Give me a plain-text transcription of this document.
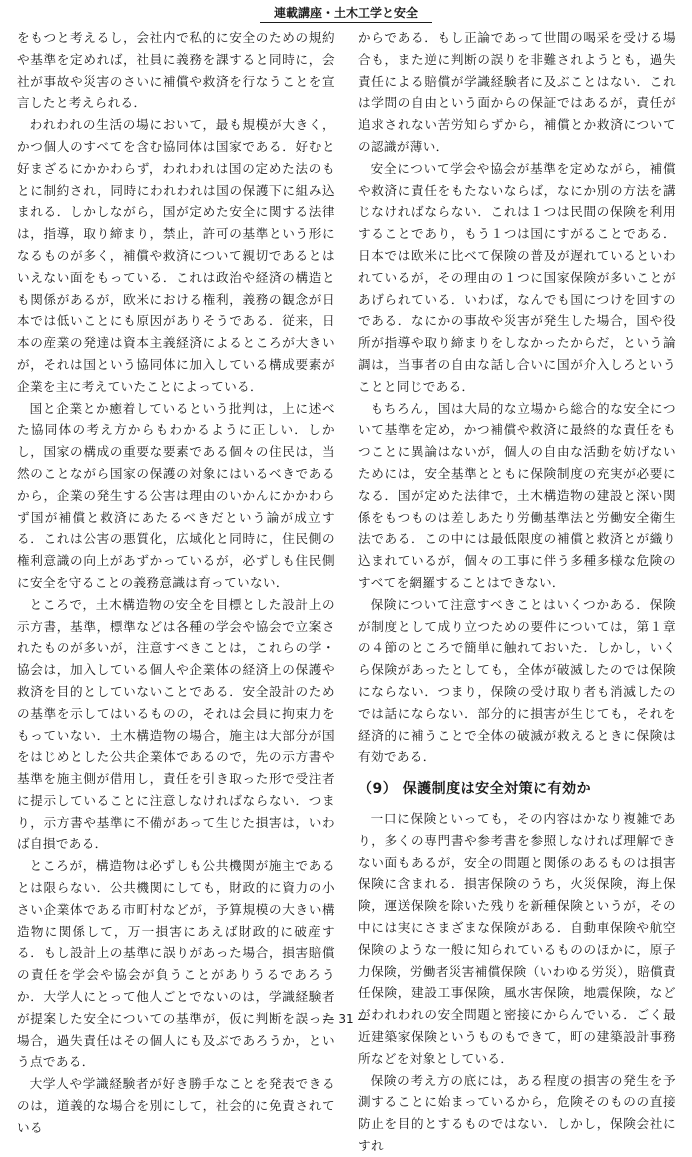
連載講座・土木工学と安全

をもつと考えるし，会社内で私的に安全のための規約や基準を定めれば，社員に義務を課すると同時に，会社が事故や災害のさいに補償や救済を行なうことを宣言したと考えられる．

われわれの生活の場において，最も規模が大きく，かつ個人のすべてを含む協同体は国家である．好むと好まざるにかかわらず，われわれは国の定めた法のもとに制約され，同時にわれわれは国の保護下に組み込まれる．しかしながら，国が定めた安全に関する法律は，指導，取り締まり，禁止，許可の基準という形になるものが多く，補償や救済について親切であるとはいえない面をもっている．これは政治や経済の構造とも関係があるが，欧米における権利，義務の観念が日本では低いことにも原因がありそうである．従来，日本の産業の発達は資本主義経済によるところが大きいが，それは国という協同体に加入している構成要素が企業を主に考えていたことによっている．

国と企業とか癒着しているという批判は，上に述べた協同体の考え方からもわかるように正しい．しかし，国家の構成の重要な要素である個々の住民は，当然のことながら国家の保護の対象にはいるべきであるから，企業の発生する公害は理由のいかんにかかわらず国が補償と救済にあたるべきだという論が成立する．これは公害の悪質化，広域化と同時に，住民側の権利意識の向上があずかっているが，必ずしも住民側に安全を守ることの義務意識は育っていない．

ところで，土木構造物の安全を目標とした設計上の示方書，基準，標準などは各種の学会や協会で立案されたものが多いが，注意すべきことは，これらの学・協会は，加入している個人や企業体の経済上の保護や救済を目的としていないことである．安全設計のための基準を示してはいるものの，それは会員に拘束力をもっていない．土木構造物の場合，施主は大部分が国をはじめとした公共企業体であるので，先の示方書や基準を施主側が借用し，責任を引き取った形で受注者に提示していることに注意しなければならない．つまり，示方書や基準に不備があって生じた損害は，いわば自損である．

ところが，構造物は必ずしも公共機関が施主であるとは限らない．公共機関にしても，財政的に資力の小さい企業体である市町村などが，予算規模の大きい構造物に関係して，万一損害にあえば財政的に破産する．もし設計上の基準に誤りがあった場合，損害賠償の責任を学会や協会が負うことがありうるであろうか．大学人にとって他人ごとでないのは，学識経験者が提案した安全についての基準が，仮に判断を誤った場合，過失責任はその個人にも及ぶであろうか，という点である．

大学人や学識経験者が好き勝手なことを発表できるのは，道義的な場合を別にして，社会的に免責されている

からである．もし正論であって世間の喝采を受ける場合も，また逆に判断の誤りを非難されようとも，過失責任による賠償が学識経験者に及ぶことはない．これは学問の自由という面からの保証ではあるが，責任が追求されない苦労知らずから，補償とか救済についての認識が薄い．

安全について学会や協会が基準を定めながら，補償や救済に責任をもたないならば，なにか別の方法を講じなければならない．これは１つは民間の保険を利用することであり，もう１つは国にすがることである．日本では欧米に比べて保険の普及が遅れているといわれているが，その理由の１つに国家保険が多いことがあげられている．いわば，なんでも国につけを回すのである．なにかの事故や災害が発生した場合，国や役所が指導や取り締まりをしなかったからだ，という論調は，当事者の自由な話し合いに国が介入しろということと同じである．

もちろん，国は大局的な立場から総合的な安全について基準を定め，かつ補償や救済に最終的な責任をもつことに異論はないが，個人の自由な活動を妨げないためには，安全基準とともに保険制度の充実が必要になる．国が定めた法律で，土木構造物の建設と深い関係をもつものは差しあたり労働基準法と労働安全衛生法である．この中には最低限度の補償と救済とが織り込まれているが，個々の工事に伴う多種多様な危険のすべてを網羅することはできない．

保険について注意すべきことはいくつかある．保険が制度として成り立つための要件については，第１章の４節のところで簡単に触れておいた．しかし，いくら保険があったとしても，全体が破滅したのでは保険にならない．つまり，保険の受け取り者も消滅したのでは話にならない．部分的に損害が生じても，それを経済的に補うことで全体の破滅が救えるときに保険は有効である．

（9） 保護制度は安全対策に有効か

一口に保険といっても，その内容はかなり複雑であり，多くの専門書や参考書を参照しなければ理解できない面もあるが，安全の問題と関係のあるものは損害保険に含まれる．損害保険のうち，火災保険，海上保険，運送保険を除いた残りを新種保険というが，その中には実にさまざまな保険がある．自動車保険や航空保険のような一般に知られているもののほかに，原子力保険，労働者災害補償保険（いわゆる労災），賠償責任保険，建設工事保険，風水害保険，地震保険，などがわれわれの安全問題と密接にからんでいる．ごく最近建築家保険というものもできて，町の建築設計事務所などを対象としている．

保険の考え方の底には，ある程度の損害の発生を予測することに始まっているから，危険そのものの直接防止を目的とするものではない．しかし，保険会社にすれ

— 31 —
